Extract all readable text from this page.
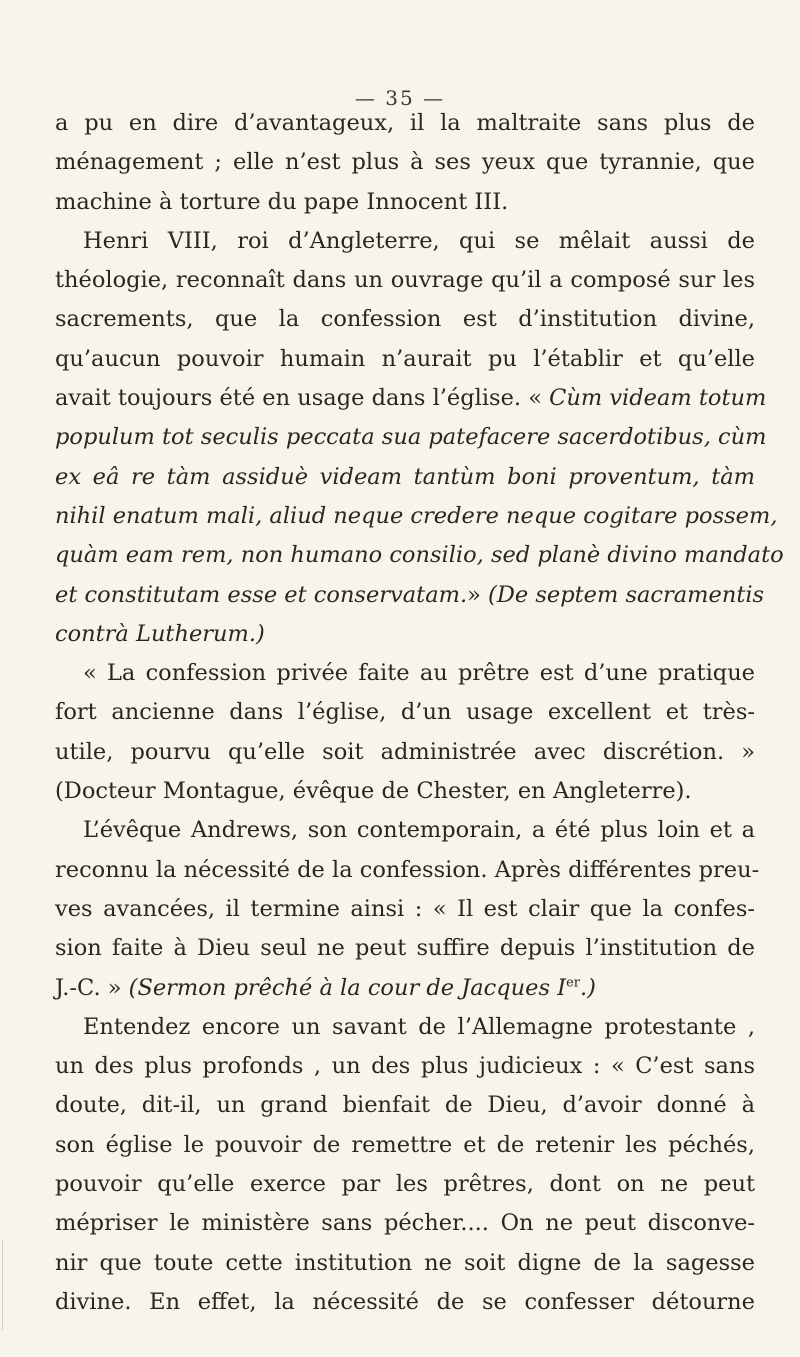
— 35 —
a pu en dire d’avantageux, il la maltraite sans plus de
ménagement ; elle n’est plus à ses yeux que tyrannie, que
machine à torture du pape Innocent III.
Henri VIII, roi d’Angleterre, qui se mêlait aussi de
théologie, reconnaît dans un ouvrage qu’il a composé sur les
sacrements, que la confession est d’institution divine,
qu’aucun pouvoir humain n’aurait pu l’établir et qu’elle
avait toujours été en usage dans l’église. « Cùm videam totum
populum tot seculis peccata sua patefacere sacerdotibus, cùm
ex eâ re tàm assiduè videam tantùm boni proventum, tàm
nihil enatum mali, aliud neque credere neque cogitare possem,
quàm eam rem, non humano consilio, sed planè divino mandato
et constitutam esse et conservatam.» (De septem sacramentis
contrà Lutherum.)
« La confession privée faite au prêtre est d’une pratique
fort ancienne dans l’église, d’un usage excellent et très-
utile, pourvu qu’elle soit administrée avec discrétion. »
(Docteur Montague, évêque de Chester, en Angleterre).
L’évêque Andrews, son contemporain, a été plus loin et a
reconnu la nécessité de la confession. Après différentes preu-
ves avancées, il termine ainsi : « Il est clair que la confes-
sion faite à Dieu seul ne peut suffire depuis l’institution de
J.-C. » (Sermon prêché à la cour de Jacques Ier.)
Entendez encore un savant de l’Allemagne protestante ,
un des plus profonds , un des plus judicieux : « C’est sans
doute, dit-il, un grand bienfait de Dieu, d’avoir donné à
son église le pouvoir de remettre et de retenir les péchés,
pouvoir qu’elle exerce par les prêtres, dont on ne peut
mépriser le ministère sans pécher.... On ne peut disconve-
nir que toute cette institution ne soit digne de la sagesse
divine. En effet, la nécessité de se confesser détourne
